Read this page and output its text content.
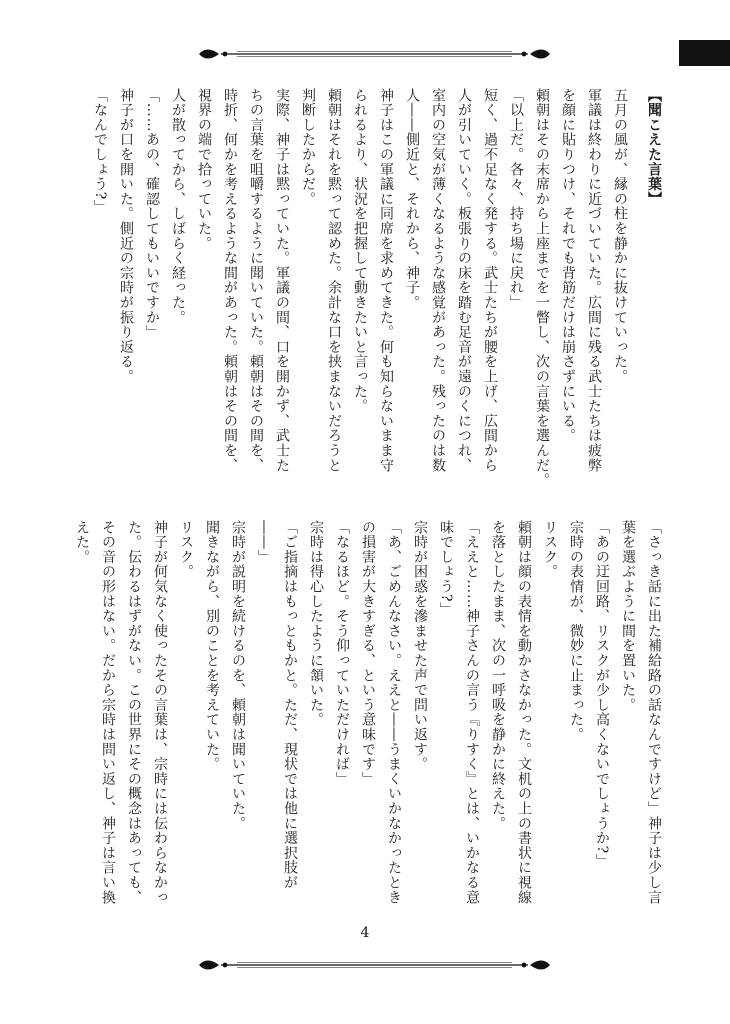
【聞こえた言葉】
五月の風が、縁の柱を静かに抜けていった。
軍議は終わりに近づいていた。広間に残る武士たちは疲弊
を顔に貼りつけ、それでも背筋だけは崩さずにいる。
頼朝はその末席から上座までを一瞥し、次の言葉を選んだ。
「以上だ。各々、持ち場に戻れ」
短く、過不足なく発する。武士たちが腰を上げ、広間から
人が引いていく。板張りの床を踏む足音が遠のくにつれ、
室内の空気が薄くなるような感覚があった。残ったのは数
人――側近と、それから、神子。
神子はこの軍議に同席を求めてきた。何も知らないまま守
られるより、状況を把握して動きたいと言った。
頼朝はそれを黙って認めた。余計な口を挟まないだろうと
判断したからだ。
実際、神子は黙っていた。軍議の間、口を開かず、武士た
ちの言葉を咀嚼するように聞いていた。頼朝はその間を、
時折、何かを考えるような間があった。頼朝はその間を、
視界の端で拾っていた。
人が散ってから、しばらく経った。
「……あの、確認してもいいですか」
神子が口を開いた。側近の宗時が振り返る。
「なんでしょう?」
「さっき話に出た補給路の話なんですけど」神子は少し言
葉を選ぶように間を置いた。
「あの迂回路、リスクが少し高くないでしょうか?」
宗時の表情が、微妙に止まった。
リスク。
頼朝は顔の表情を動かさなかった。文机の上の書状に視線
を落としたまま、次の一呼吸を静かに終えた。
「ええと……神子さんの言う『りすく』とは、いかなる意
味でしょう?」
宗時が困惑を滲ませた声で問い返す。
「あ、ごめんなさい。ええと――うまくいかなかったとき
の損害が大きすぎる、という意味です」
「なるほど。そう仰っていただければ」
宗時は得心したように頷いた。
「ご指摘はもっともかと。ただ、現状では他に選択肢が
――」
宗時が説明を続けるのを、頼朝は聞いていた。
聞きながら、別のことを考えていた。
リスク。
神子が何気なく使ったその言葉は、宗時には伝わらなかっ
た。伝わるはずがない。この世界にその概念はあっても、
その音の形はない。だから宗時は問い返し、神子は言い換
えた。
4
